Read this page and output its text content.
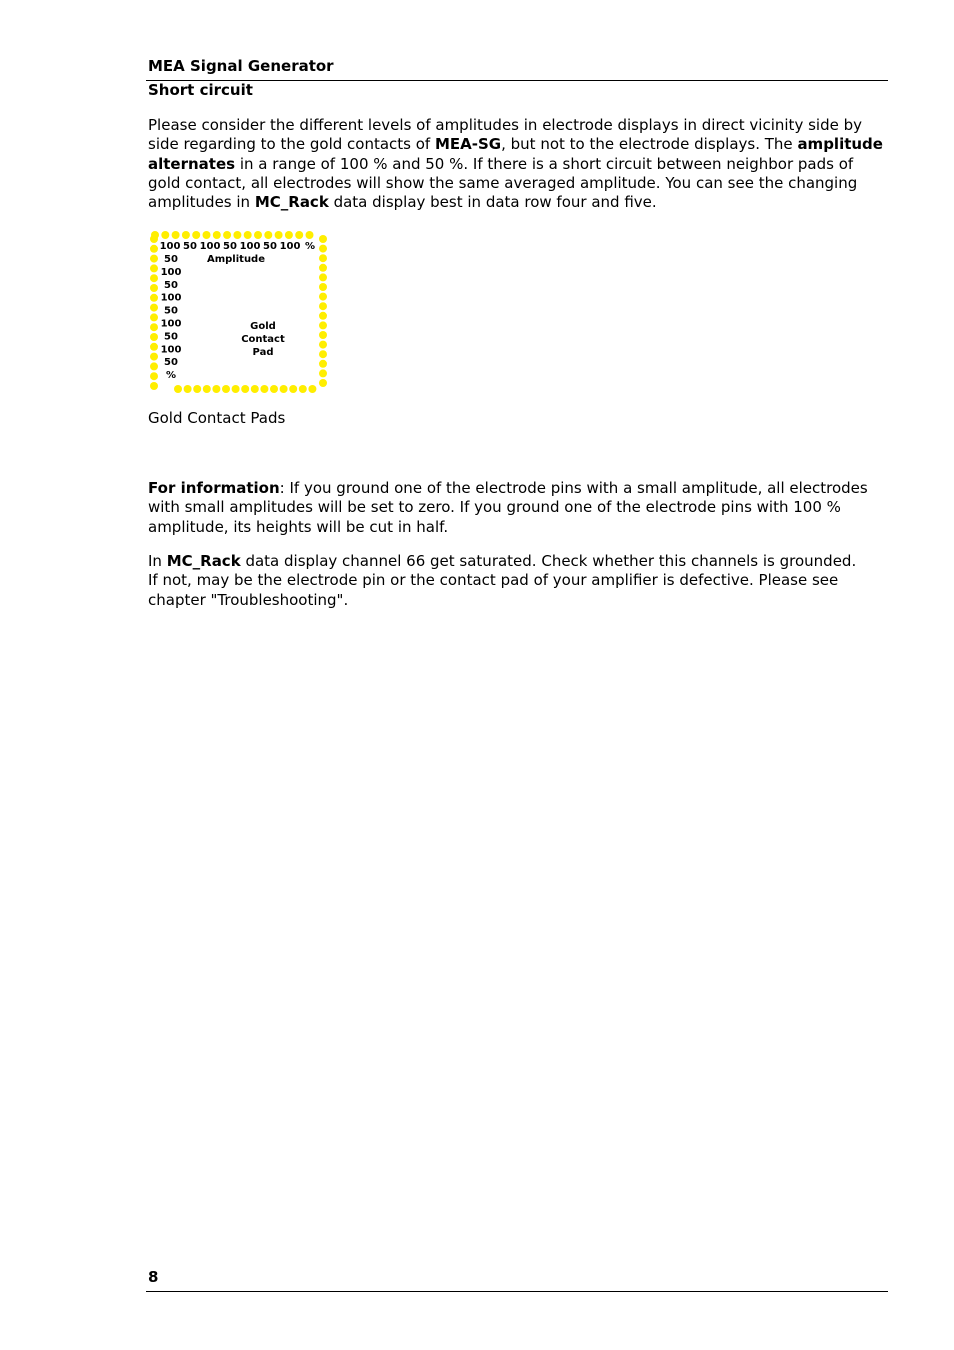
MEA Signal Generator
Short circuit

Please consider the different levels of amplitudes in electrode displays in direct vicinity side by side regarding to the gold contacts of MEA-SG, but not to the electrode displays. The amplitude alternates in a range of 100 % and 50 %. If there is a short circuit between neighbor pads of gold contact, all electrodes will show the same averaged amplitude. You can see the changing amplitudes in MC_Rack data display best in data row four and five.

100 50 100 50 100 50 100 %
50
100
50
100
50
100
50
100
50
%
Amplitude
Gold
Contact
Pad
Gold Contact Pads

For information: If you ground one of the electrode pins with a small amplitude, all electrodes with small amplitudes will be set to zero. If you ground one of the electrode pins with 100 % amplitude, its heights will be cut in half.

In MC_Rack data display channel 66 get saturated. Check whether this channels is grounded.
If not, may be the electrode pin or the contact pad of your amplifier is defective. Please see chapter "Troubleshooting".

8
